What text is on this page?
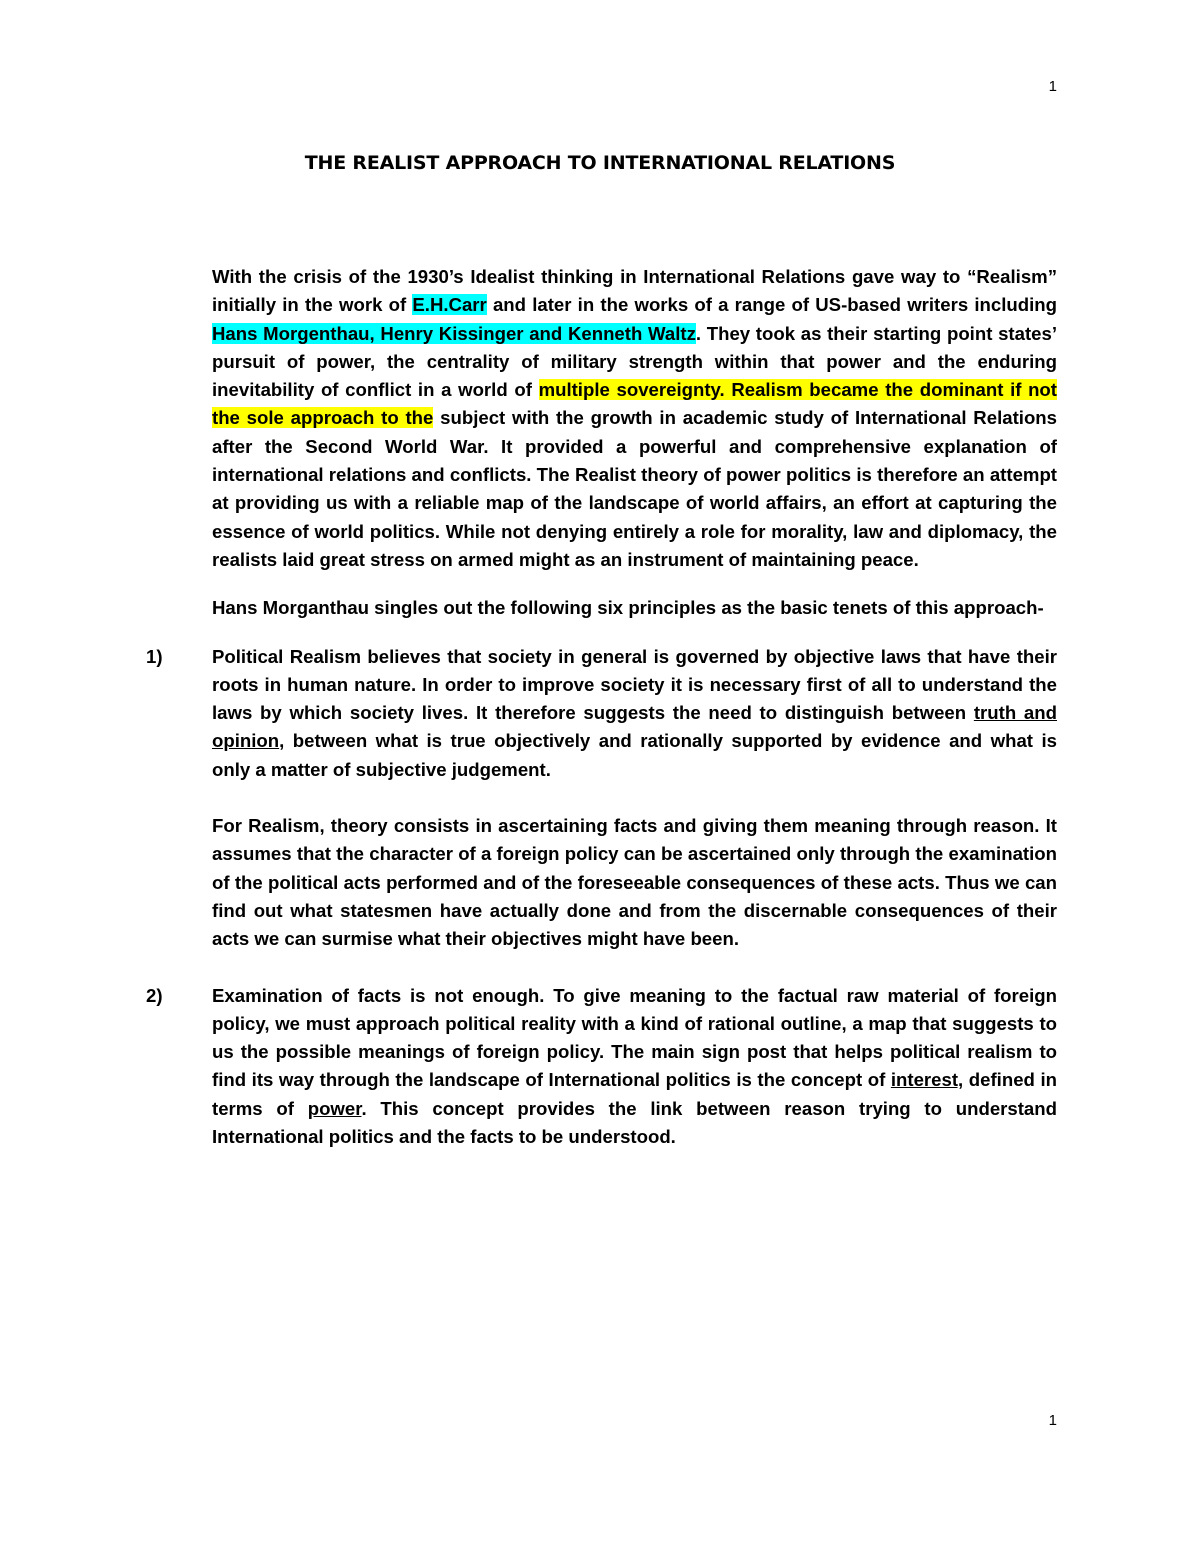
1
THE REALIST APPROACH TO INTERNATIONAL RELATIONS

With the crisis of the 1930’s Idealist thinking in International Relations gave way to “Realism” initially in the work of E.H.Carr and later in the works of a range of US-based writers including Hans Morgenthau, Henry Kissinger and Kenneth Waltz. They took as their starting point states’ pursuit of power, the centrality of military strength within that power and the enduring inevitability of conflict in a world of multiple sovereignty. Realism became the dominant if not the sole approach to the subject with the growth in academic study of International Relations after the Second World War. It provided a powerful and comprehensive explanation of international relations and conflicts. The Realist theory of power politics is therefore an attempt at providing us with a reliable map of the landscape of world affairs, an effort at capturing the essence of world politics. While not denying entirely a role for morality, law and diplomacy, the realists laid great stress on armed might as an instrument of maintaining peace.

Hans Morganthau singles out the following six principles as the basic tenets of this approach-

1)	Political Realism believes that society in general is governed by objective laws that have their roots in human nature. In order to improve society it is necessary first of all to understand the laws by which society lives. It therefore suggests the need to distinguish between truth and opinion, between what is true objectively and rationally supported by evidence and what is only a matter of subjective judgement.

For Realism, theory consists in ascertaining facts and giving them meaning through reason. It assumes that the character of a foreign policy can be ascertained only through the examination of the political acts performed and of the foreseeable consequences of these acts. Thus we can find out what statesmen have actually done and from the discernable consequences of their acts we can surmise what their objectives might have been.

2)	Examination of facts is not enough. To give meaning to the factual raw material of foreign policy, we must approach political reality with a kind of rational outline, a map that suggests to us the possible meanings of foreign policy. The main sign post that helps political realism to find its way through the landscape of International politics is the concept of interest, defined in terms of power. This concept provides the link between reason trying to understand International politics and the facts to be understood.

1
